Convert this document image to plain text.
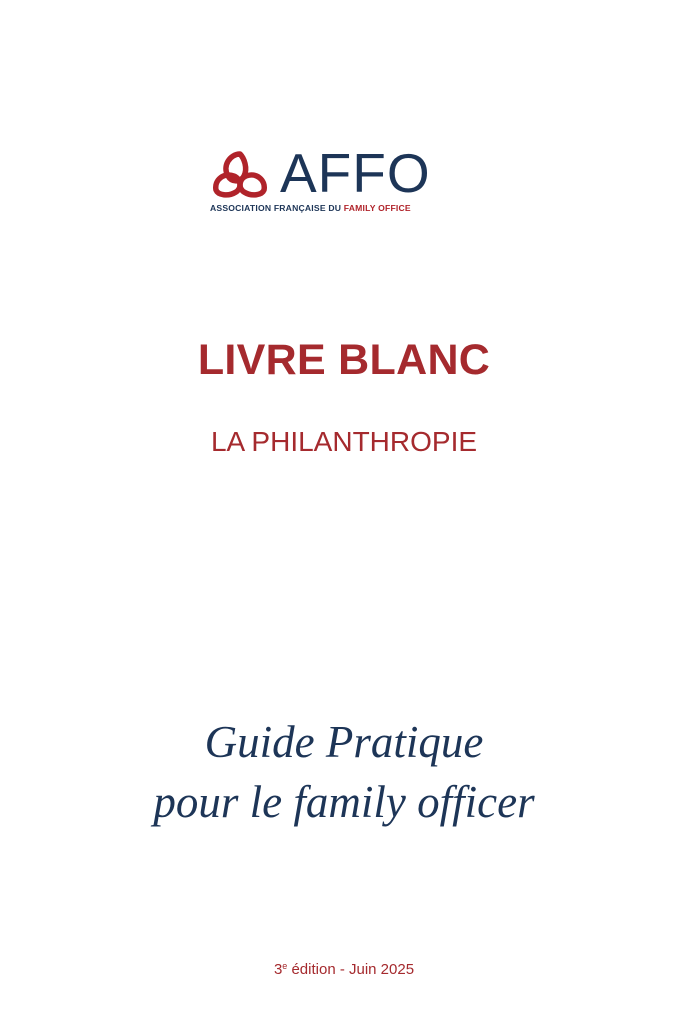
AFFO
ASSOCIATION FRANÇAISE DU FAMILY OFFICE
LIVRE BLANC
LA PHILANTHROPIE
Guide Pratique
pour le family officer
3e édition - Juin 2025
